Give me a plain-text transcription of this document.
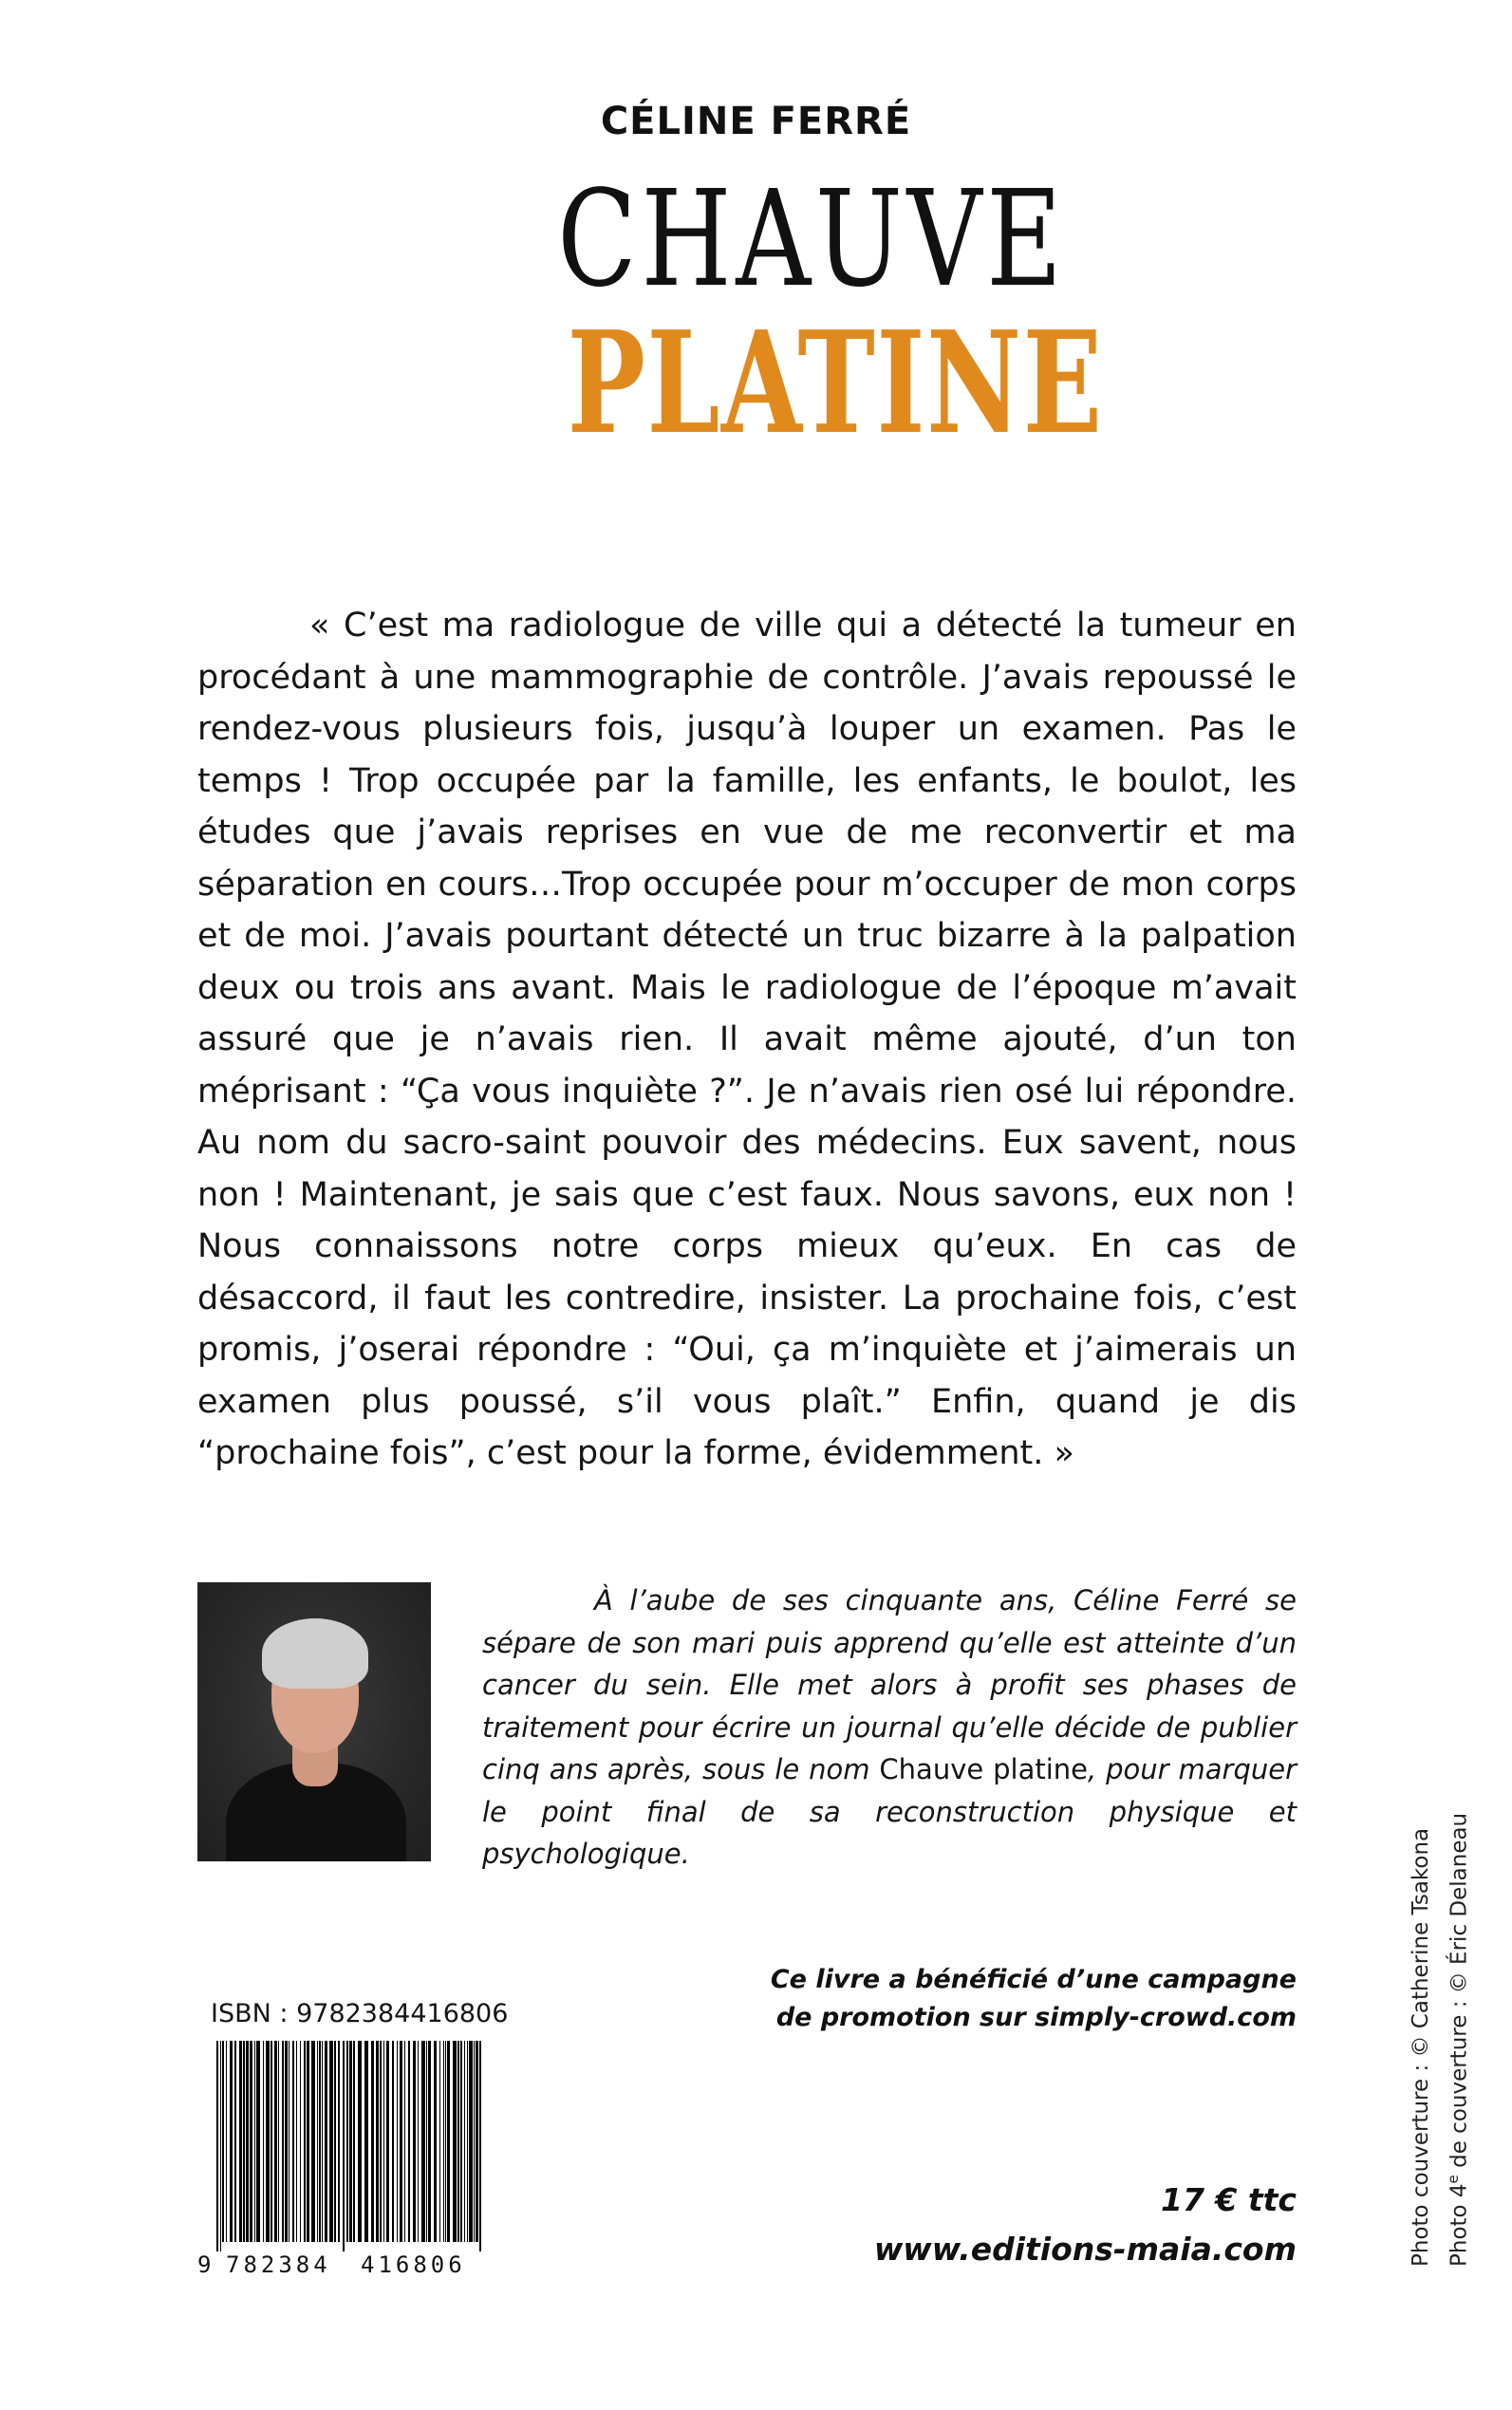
CÉLINE FERRÉ
CHAUVE
PLATINE
« C’est ma radiologue de ville qui a détecté la tumeur en procédant à une mammographie de contrôle. J’avais repoussé le rendez-vous plusieurs fois, jusqu’à louper un examen. Pas le temps ! Trop occupée par la famille, les enfants, le boulot, les études que j’avais reprises en vue de me reconvertir et ma séparation en cours…Trop occupée pour m’occuper de mon corps et de moi. J’avais pourtant détecté un truc bizarre à la palpation deux ou trois ans avant. Mais le radiologue de l’époque m’avait assuré que je n’avais rien. Il avait même ajouté, d’un ton méprisant : “Ça vous inquiète ?”. Je n’avais rien osé lui répondre. Au nom du sacro-saint pouvoir des médecins. Eux savent, nous non ! Maintenant, je sais que c’est faux. Nous savons, eux non ! Nous connaissons notre corps mieux qu’eux. En cas de désaccord, il faut les contredire, insister. La prochaine fois, c’est promis, j’oserai répondre : “Oui, ça m’inquiète et j’aimerais un examen plus poussé, s’il vous plaît.” Enfin, quand je dis “prochaine fois”, c’est pour la forme, évidemment. »
À l’aube de ses cinquante ans, Céline Ferré se sépare de son mari puis apprend qu’elle est atteinte d’un cancer du sein. Elle met alors à profit ses phases de traitement pour écrire un journal qu’elle décide de publier cinq ans après, sous le nom Chauve platine, pour marquer le point final de sa reconstruction physique et psychologique.
ISBN : 9782384416806
9 782384 416806
Ce livre a bénéficié d’une campagne
de promotion sur simply-crowd.com
17 € ttc
www.editions-maia.com	Photo couverture : © Catherine Tsakona Photo 4e de couverture : © Éric Delaneau
